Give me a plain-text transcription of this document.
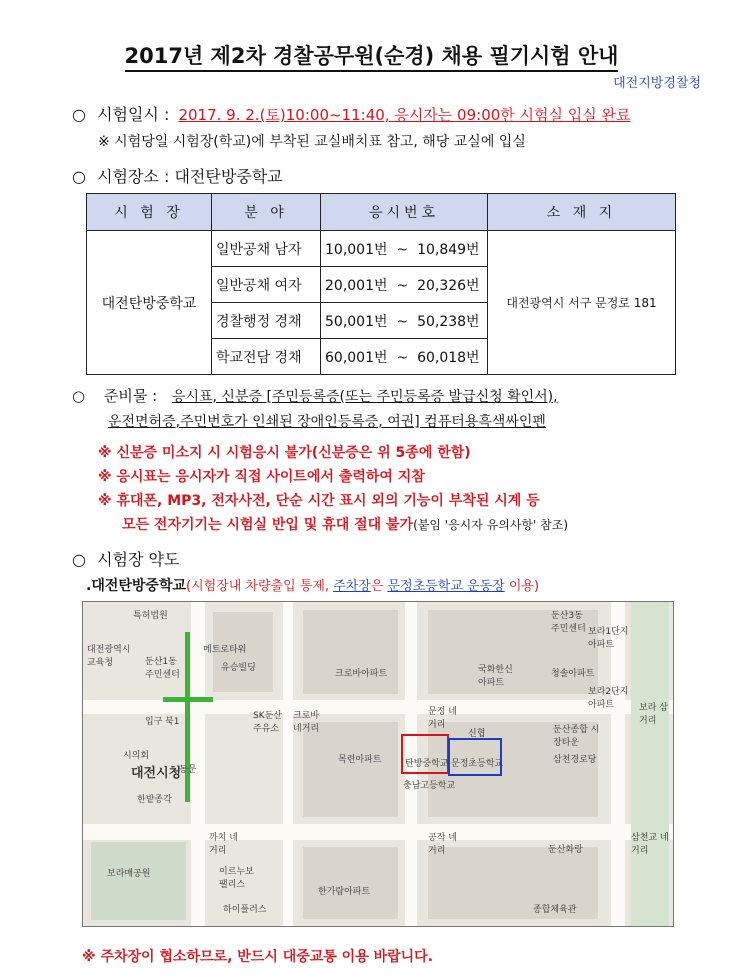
2017년 제2차 경찰공무원(순경) 채용 필기시험 안내
대전지방경찰청
○ 시험일시 : 2017. 9. 2.(토)10:00~11:40, 응시자는 09:00한 시험실 입실 완료
※ 시험당일 시험장(학교)에 부착된 교실배치표 참고, 해당 교실에 입실
○ 시험장소 : 대전탄방중학교
시 험 장	분 야	응시번호	소 재 지
대전탄방중학교	일반공채 남자	10,001번 ~ 10,849번	대전광역시 서구 문정로 181
	일반공채 여자	20,001번 ~ 20,326번	
	경찰행정 경채	50,001번 ~ 50,238번	
	학교전담 경채	60,001번 ~ 60,018번	
○ 준비물 : 응시표, 신분증 [주민등록증(또는 주민등록증 발급신청 확인서),
운전면허증,주민번호가 인쇄된 장애인등록증, 여권] 컴퓨터용흑색싸인펜
※ 신분증 미소지 시 시험응시 불가(신분증은 위 5종에 한함)
※ 응시표는 응시자가 직접 사이트에서 출력하여 지참
※ 휴대폰, MP3, 전자사전, 단순 시간 표시 외의 기능이 부착된 시계 등
모든 전자기기는 시험실 반입 및 휴대 절대 불가(붙임 '응시자 유의사항' 참조)
○ 시험장 약도
.대전탄방중학교(시험장내 차량출입 통제, 주차장은 문정초등학교 운동장 이용)
특허법원
메트로타워
대전광역시 교육청	둔산1동 주민센터
유승빌딩
크로바아파트	국화한신 아파트
청솔아파트
보라1단지 아파트
둔산3동 주민센터
보라2단지 아파트
SK둔산 주유소
크로바 네거리
문정 네거리
신협
보라 삼거리
둔산종합 시장타운
삼천경로당
목련아파트	탄방중학교 문정초등학교
충남고등학교
시의회
대전시청
한밭종각
입구 북1
동문
까치 네거리
공작 네거리	둔산화랑
삼천교 네거리
보라매공원	이르누보 팰리스
한가람아파트
하이플러스	종합체육관
※ 주차장이 협소하므로, 반드시 대중교통 이용 바랍니다.
